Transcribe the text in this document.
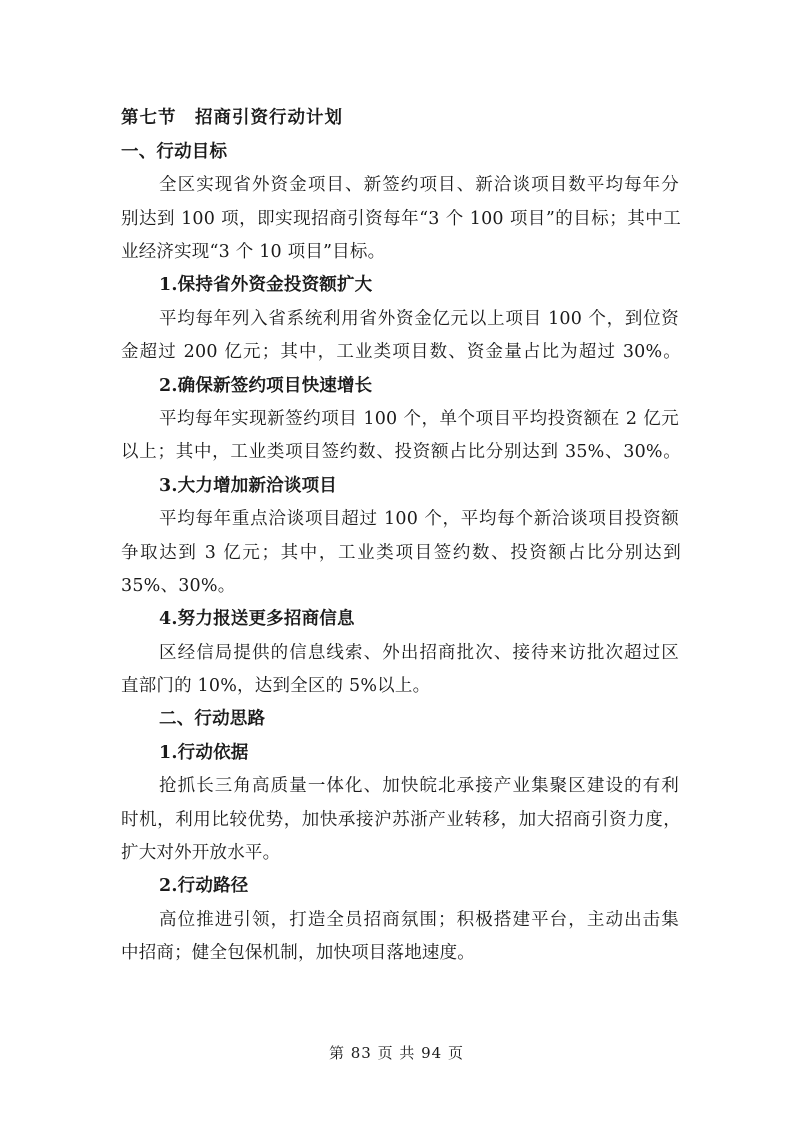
第七节　招商引资行动计划
一、行动目标
全区实现省外资金项目、新签约项目、新洽谈项目数平均每年分
别达到 100 项，即实现招商引资每年“3 个 100 项目”的目标；其中工
业经济实现“3 个 10 项目”目标。
1.保持省外资金投资额扩大
平均每年列入省系统利用省外资金亿元以上项目 100 个，到位资
金超过 200 亿元；其中，工业类项目数、资金量占比为超过 30%。
2.确保新签约项目快速增长
平均每年实现新签约项目 100 个，单个项目平均投资额在 2 亿元
以上；其中，工业类项目签约数、投资额占比分别达到 35%、30%。
3.大力增加新洽谈项目
平均每年重点洽谈项目超过 100 个，平均每个新洽谈项目投资额
争取达到 3 亿元；其中，工业类项目签约数、投资额占比分别达到
35%、30%。
4.努力报送更多招商信息
区经信局提供的信息线索、外出招商批次、接待来访批次超过区
直部门的 10%，达到全区的 5%以上。
二、行动思路
1.行动依据
抢抓长三角高质量一体化、加快皖北承接产业集聚区建设的有利
时机，利用比较优势，加快承接沪苏浙产业转移，加大招商引资力度，
扩大对外开放水平。
2.行动路径
高位推进引领，打造全员招商氛围；积极搭建平台，主动出击集
中招商；健全包保机制，加快项目落地速度。
第 83 页 共 94 页
